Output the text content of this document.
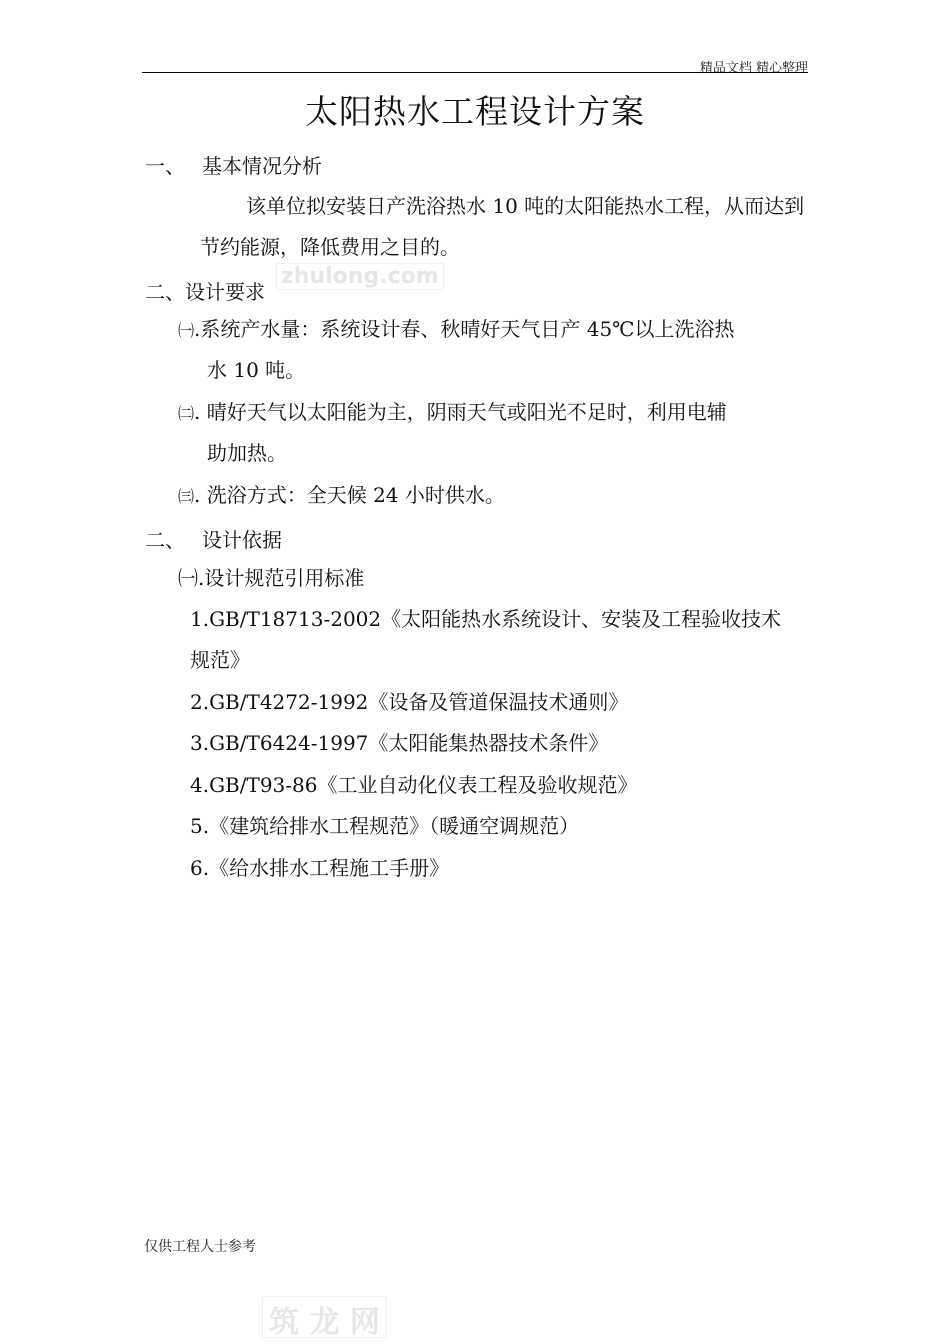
精品文档 精心整理
太阳热水工程设计方案
一、 基本情况分析
该单位拟安装日产洗浴热水 10 吨的太阳能热水工程，从而达到节约能源，降低费用之目的。
zhulong.com
二、设计要求
㈠.系统产水量：系统设计春、秋晴好天气日产 45℃以上洗浴热
水 10 吨。
㈡. 晴好天气以太阳能为主，阴雨天气或阳光不足时，利用电辅
助加热。
㈢. 洗浴方式：全天候 24 小时供水。
二、 设计依据
㈠.设计规范引用标准
1.GB/T18713-2002《太阳能热水系统设计、安装及工程验收技术
规范》
2.GB/T4272-1992《设备及管道保温技术通则》
3.GB/T6424-1997《太阳能集热器技术条件》
4.GB/T93-86《工业自动化仪表工程及验收规范》
5.《建筑给排水工程规范》（暖通空调规范）
6.《给水排水工程施工手册》
仅供工程人士参考
筑 龙 网
